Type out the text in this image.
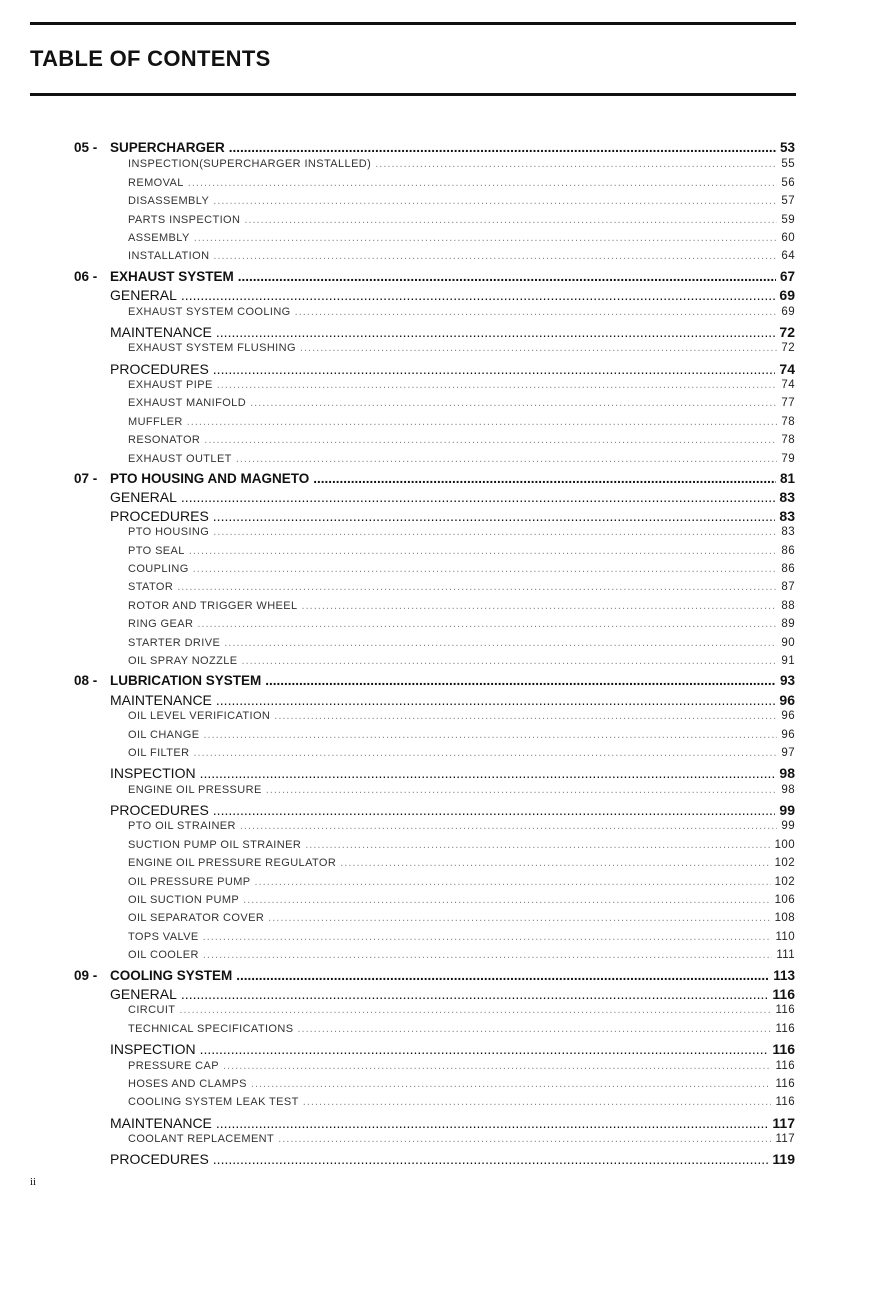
TABLE OF CONTENTS
05 - SUPERCHARGER .....	53
INSPECTION(SUPERCHARGER INSTALLED) .....	55
REMOVAL .....	56
DISASSEMBLY .....	57
PARTS INSPECTION .....	59
ASSEMBLY .....	60
INSTALLATION .....	64
06 - EXHAUST SYSTEM .....	67
GENERAL .....	69
EXHAUST SYSTEM COOLING .....	69
MAINTENANCE .....	72
EXHAUST SYSTEM FLUSHING .....	72
PROCEDURES .....	74
EXHAUST PIPE .....	74
EXHAUST MANIFOLD .....	77
MUFFLER .....	78
RESONATOR .....	78
EXHAUST OUTLET .....	79
07 - PTO HOUSING AND MAGNETO .....	81
GENERAL .....	83
PROCEDURES .....	83
PTO HOUSING .....	83
PTO SEAL .....	86
COUPLING .....	86
STATOR .....	87
ROTOR AND TRIGGER WHEEL .....	88
RING GEAR .....	89
STARTER DRIVE .....	90
OIL SPRAY NOZZLE .....	91
08 - LUBRICATION SYSTEM .....	93
MAINTENANCE .....	96
OIL LEVEL VERIFICATION .....	96
OIL CHANGE .....	96
OIL FILTER .....	97
INSPECTION .....	98
ENGINE OIL PRESSURE .....	98
PROCEDURES .....	99
PTO OIL STRAINER .....	99
SUCTION PUMP OIL STRAINER .....	100
ENGINE OIL PRESSURE REGULATOR .....	102
OIL PRESSURE PUMP .....	102
OIL SUCTION PUMP .....	106
OIL SEPARATOR COVER .....	108
TOPS VALVE .....	110
OIL COOLER .....	111
09 - COOLING SYSTEM .....	113
GENERAL .....	116
CIRCUIT .....	116
TECHNICAL SPECIFICATIONS .....	116
INSPECTION .....	116
PRESSURE CAP .....	116
HOSES AND CLAMPS .....	116
COOLING SYSTEM LEAK TEST .....	116
MAINTENANCE .....	117
COOLANT REPLACEMENT .....	117
PROCEDURES .....	119
ii
